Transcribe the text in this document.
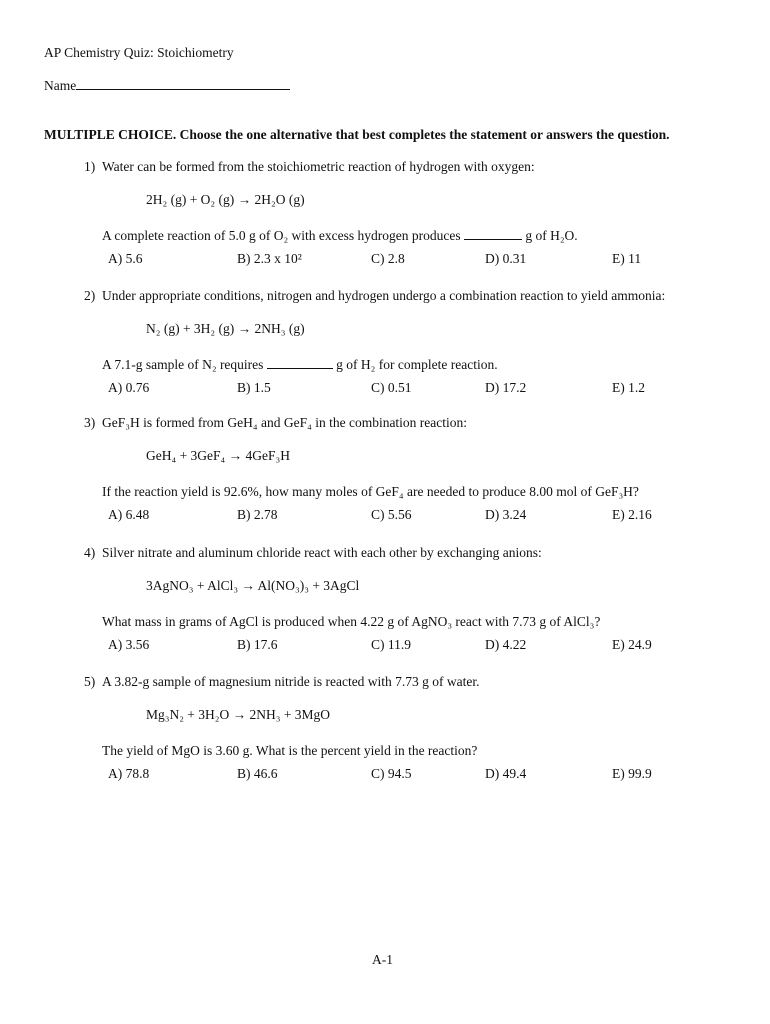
AP Chemistry Quiz: Stoichiometry
Name
MULTIPLE CHOICE. Choose the one alternative that best completes the statement or answers the question.
1) Water can be formed from the stoichiometric reaction of hydrogen with oxygen:
2H₂ (g) + O₂ (g) → 2H₂O (g)
A complete reaction of 5.0 g of O₂ with excess hydrogen produces	g of H₂O.
A) 5.6	B) 2.3 x 10²	C) 2.8	D) 0.31	E) 11
2) Under appropriate conditions, nitrogen and hydrogen undergo a combination reaction to yield ammonia:
N₂ (g) + 3H₂ (g) → 2NH₃ (g)
A 7.1-g sample of N₂ requires	g of H₂ for complete reaction.
A) 0.76	B) 1.5	C) 0.51	D) 17.2	E) 1.2
3) GeF₃H is formed from GeH₄ and GeF₄ in the combination reaction:
GeH₄ + 3GeF₄ → 4GeF₃H
If the reaction yield is 92.6%, how many moles of GeF₄ are needed to produce 8.00 mol of GeF₃H?
A) 6.48	B) 2.78	C) 5.56	D) 3.24	E) 2.16
4) Silver nitrate and aluminum chloride react with each other by exchanging anions:
3AgNO₃ + AlCl₃ → Al(NO₃)₃ + 3AgCl
What mass in grams of AgCl is produced when 4.22 g of AgNO₃ react with 7.73 g of AlCl₃?
A) 3.56	B) 17.6	C) 11.9	D) 4.22	E) 24.9
5) A 3.82-g sample of magnesium nitride is reacted with 7.73 g of water.
Mg₃N₂ + 3H₂O → 2NH₃ + 3MgO
The yield of MgO is 3.60 g. What is the percent yield in the reaction?
A) 78.8	B) 46.6	C) 94.5	D) 49.4	E) 99.9
A-1
